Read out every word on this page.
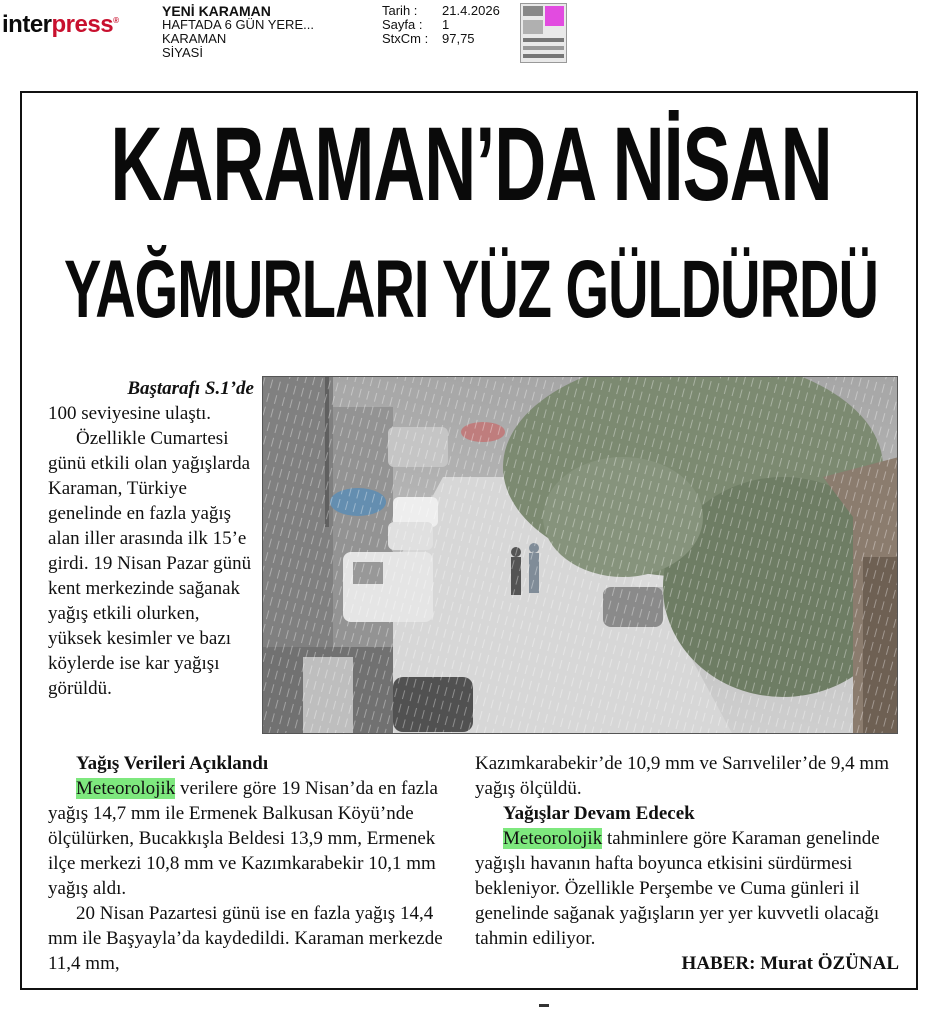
interpress®
YENİ KARAMAN
HAFTADA 6 GÜN YERE...
KARAMAN
SİYASİ
Tarih :	21.4.2026
Sayfa :	1
StxCm :	97,75
KARAMAN’DA NİSAN
YAĞMURLARI YÜZ GÜLDÜRDÜ
Baştarafı S.1’de

100 seviyesine ulaştı.

Özellikle Cumartesi günü etkili olan yağışlarda Karaman, Türkiye genelinde en fazla yağış alan iller arasında ilk 15’e girdi. 19 Nisan Pazar günü kent merkezinde sağanak yağış etkili olurken, yüksek kesimler ve bazı köylerde ise kar yağışı görüldü.

Yağış Verileri Açıklandı

Meteorolojik verilere göre 19 Nisan’da en fazla yağış 14,7 mm ile Ermenek Balkusan Köyü’nde ölçülürken, Bucakkışla Beldesi 13,9 mm, Ermenek ilçe merkezi 10,8 mm ve Kazımkarabekir 10,1 mm yağış aldı.

20 Nisan Pazartesi günü ise en fazla yağış 14,4 mm ile Başyayla’da kaydedildi. Karaman merkezde 11,4 mm,

Kazımkarabekir’de 10,9 mm ve Sarıveliler’de 9,4 mm yağış ölçüldü.

Yağışlar Devam Edecek

Meteorolojik tahminlere göre Karaman genelinde yağışlı havanın hafta boyunca etkisini sürdürmesi bekleniyor. Özellikle Perşembe ve Cuma günleri il genelinde sağanak yağışların yer yer kuvvetli olacağı tahmin ediliyor.

HABER: Murat ÖZÜNAL
